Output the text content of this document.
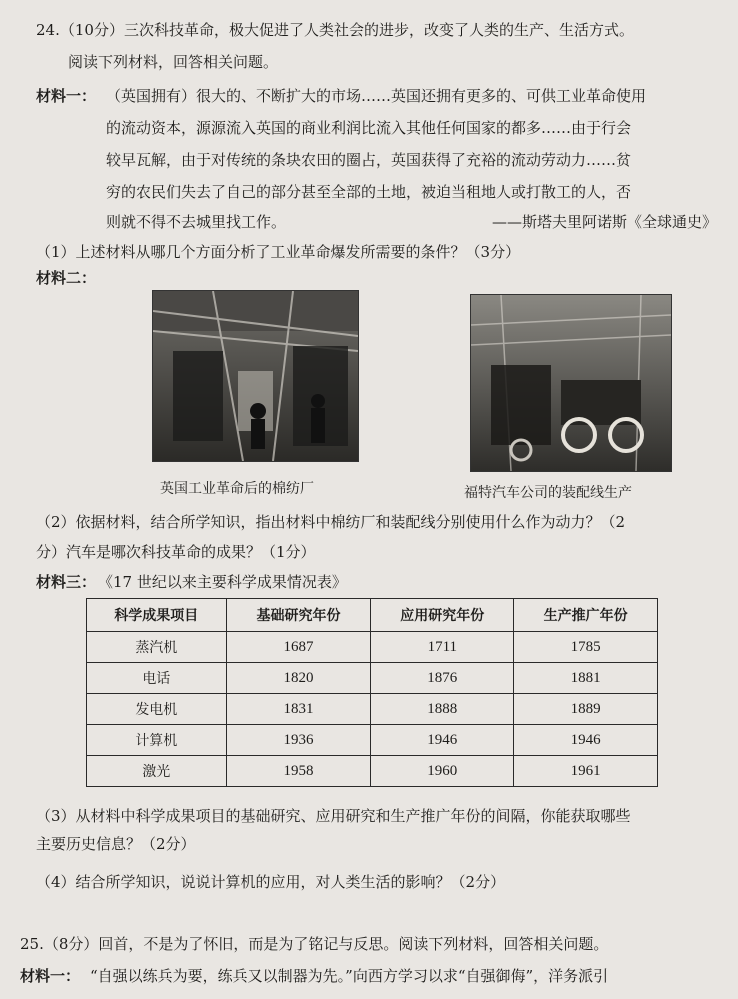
24.（10分）三次科技革命，极大促进了人类社会的进步，改变了人类的生产、生活方式。
阅读下列材料，回答相关问题。
材料一： （英国拥有）很大的、不断扩大的市场……英国还拥有更多的、可供工业革命使用
的流动资本，源源流入英国的商业利润比流入其他任何国家的都多……由于行会
较早瓦解，由于对传统的条块农田的圈占，英国获得了充裕的流动劳动力……贫
穷的农民们失去了自己的部分甚至全部的土地，被迫当租地人或打散工的人，否
则就不得不去城里找工作。	——斯塔夫里阿诺斯《全球通史》
（1）上述材料从哪几个方面分析了工业革命爆发所需要的条件？（3分）
材料二：
英国工业革命后的棉纺厂	福特汽车公司的装配线生产
（2）依据材料，结合所学知识，指出材料中棉纺厂和装配线分别使用什么作为动力？（2
分）汽车是哪次科技革命的成果？（1分）
材料三： 《17 世纪以来主要科学成果情况表》
科学成果项目	基础研究年份	应用研究年份	生产推广年份
蒸汽机	1687	1711	1785
电话	1820	1876	1881
发电机	1831	1888	1889
计算机	1936	1946	1946
激光	1958	1960	1961
（3）从材料中科学成果项目的基础研究、应用研究和生产推广年份的间隔，你能获取哪些
主要历史信息？（2分）
（4）结合所学知识，说说计算机的应用，对人类生活的影响？（2分）
25.（8分）回首，不是为了怀旧，而是为了铭记与反思。阅读下列材料，回答相关问题。
材料一： “自强以练兵为要，练兵又以制器为先。”向西方学习以求“自强御侮”，洋务派引
